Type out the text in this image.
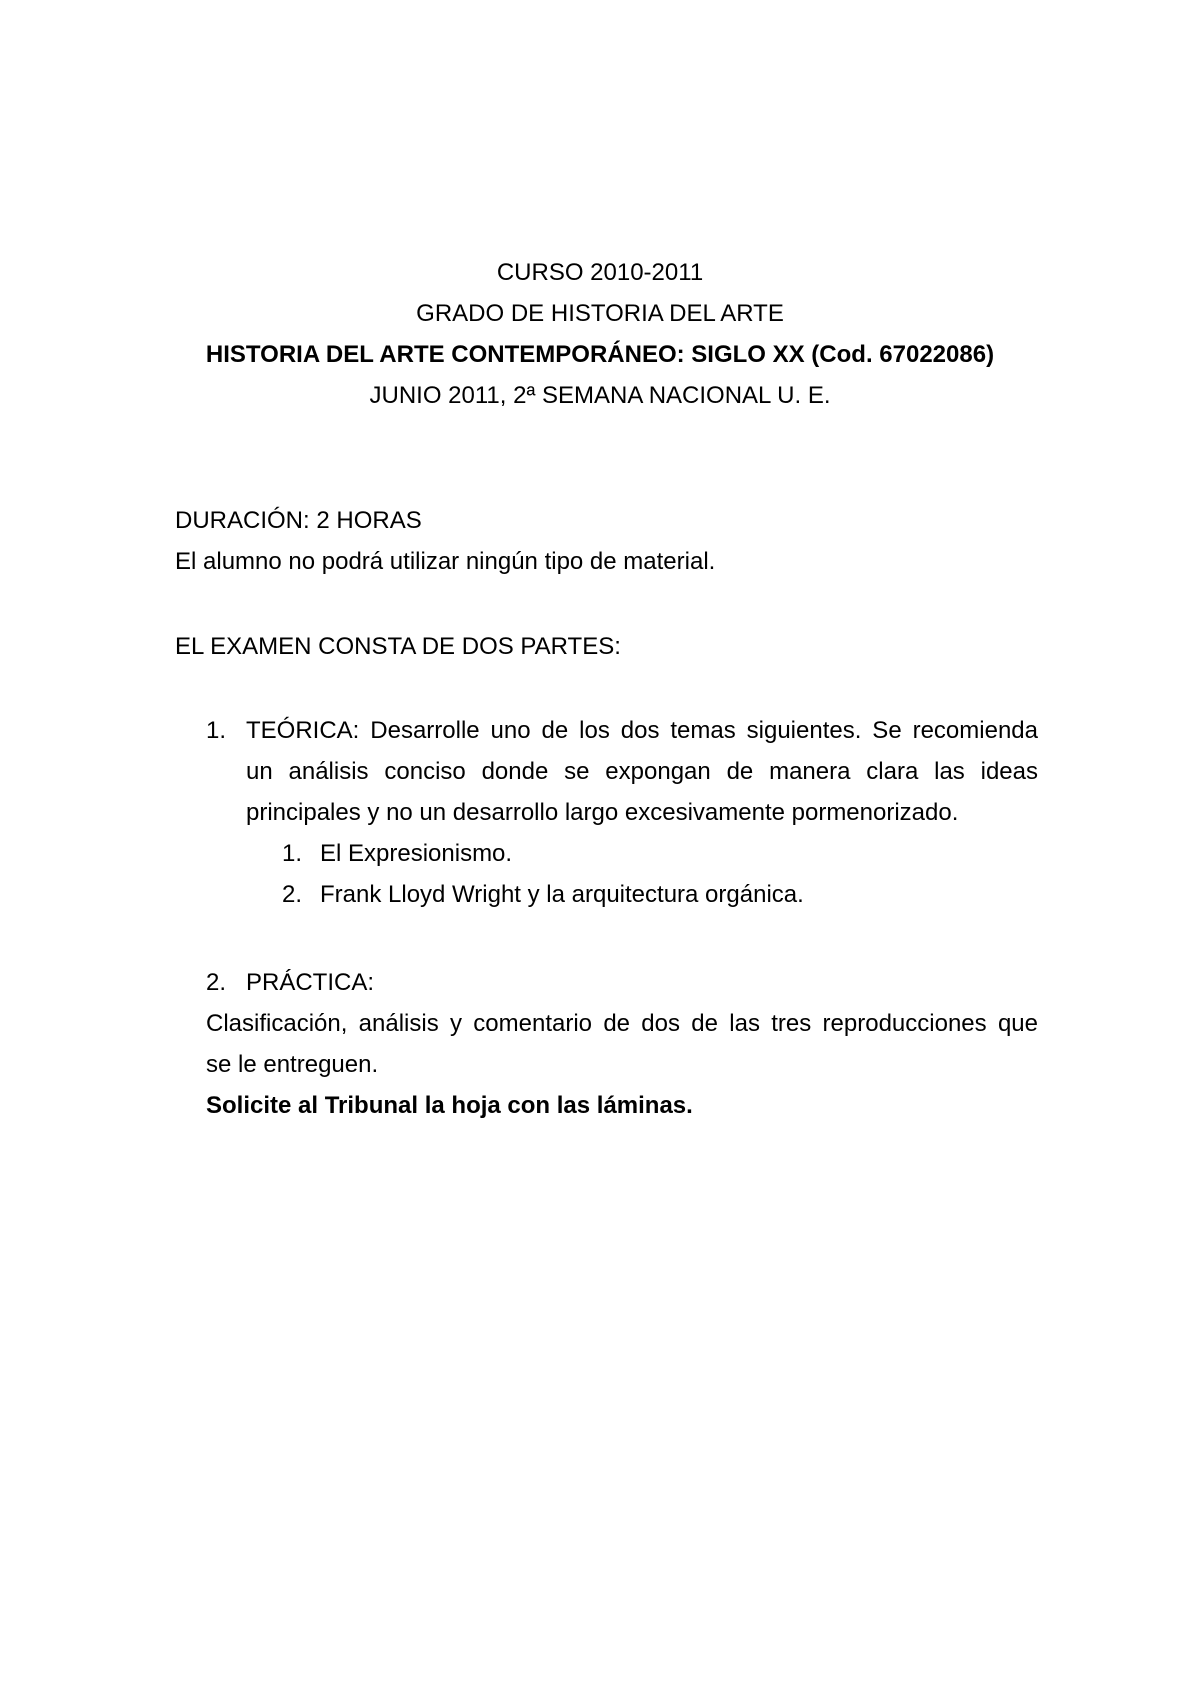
CURSO 2010-2011
GRADO DE HISTORIA DEL ARTE
HISTORIA DEL ARTE CONTEMPORÁNEO: SIGLO XX (Cod. 67022086)
JUNIO 2011, 2ª SEMANA NACIONAL U. E.
DURACIÓN: 2 HORAS
El alumno no podrá utilizar ningún tipo de material.
EL EXAMEN CONSTA DE DOS PARTES:
1. TEÓRICA: Desarrolle uno de los dos temas siguientes. Se recomienda
un análisis conciso donde se expongan de manera clara las ideas
principales y no un desarrollo largo excesivamente pormenorizado.
1. El Expresionismo.
2. Frank Lloyd Wright y la arquitectura orgánica.
2. PRÁCTICA:
Clasificación, análisis y comentario de dos de las tres reproducciones que
se le entreguen.
Solicite al Tribunal la hoja con las láminas.
